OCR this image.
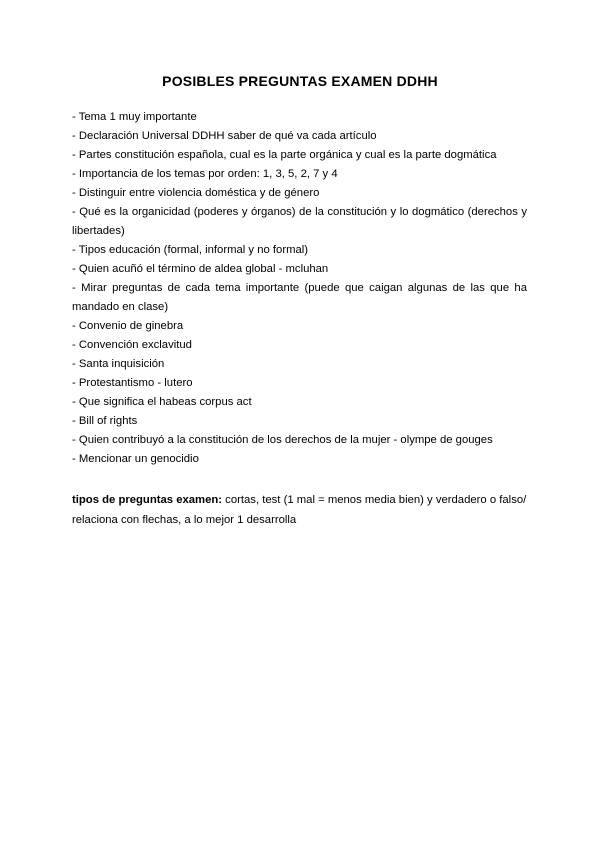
POSIBLES PREGUNTAS EXAMEN DDHH
- Tema 1 muy importante
- Declaración Universal DDHH saber de qué va cada artículo
- Partes constitución española, cual es la parte orgánica y cual es la parte dogmática
- Importancia de los temas por orden: 1, 3, 5, 2, 7 y 4
- Distinguir entre violencia doméstica y de género
- Qué es la organicidad (poderes y órganos) de la constitución y lo dogmático (derechos y libertades)
- Tipos educación (formal, informal y no formal)
- Quien acuñó el término de aldea global - mcluhan
- Mirar preguntas de cada tema importante (puede que caigan algunas de las que ha mandado en clase)
- Convenio de ginebra
- Convención exclavitud
- Santa inquisición
- Protestantismo - lutero
- Que significa el habeas corpus act
- Bill of rights
- Quien contribuyó a la constitución de los derechos de la mujer - olympe de gouges
- Mencionar un genocidio

tipos de preguntas examen: cortas, test (1 mal = menos media bien) y verdadero o falso/ relaciona con flechas, a lo mejor 1 desarrolla
